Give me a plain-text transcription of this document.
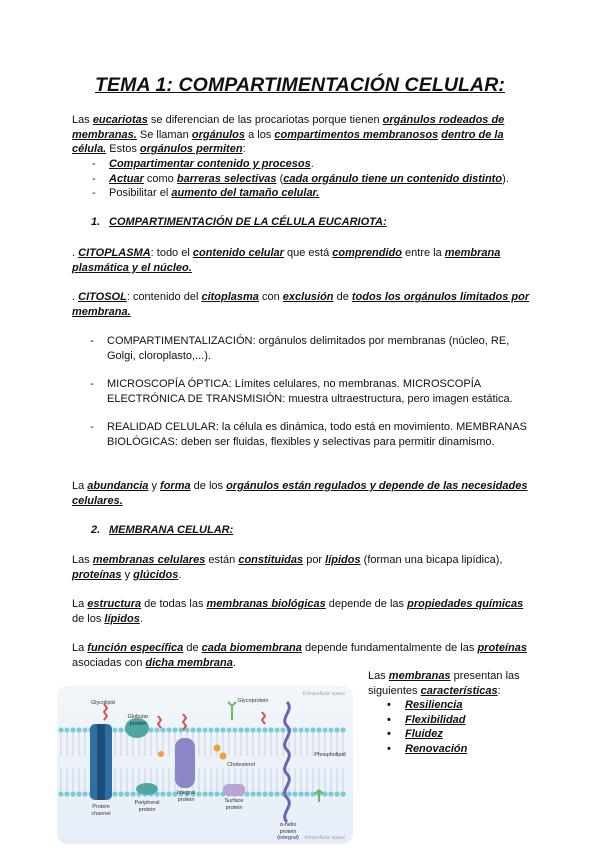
TEMA 1: COMPARTIMENTACIÓN CELULAR:
Las eucariotas se diferencian de las procariotas porque tienen orgánulos rodeados de membranas. Se llaman orgánulos a los compartimentos membranosos dentro de la célula. Estos orgánulos permiten:
- Compartimentar contenido y procesos.
- Actuar como barreras selectivas (cada orgánulo tiene un contenido distinto).
- Posibilitar el aumento del tamaño celular.
1. COMPARTIMENTACIÓN DE LA CÉLULA EUCARIOTA:
. CITOPLASMA: todo el contenido celular que está comprendido entre la membrana plasmática y el núcleo.
. CITOSOL: contenido del citoplasma con exclusión de todos los orgánulos limitados por membrana.
- COMPARTIMENTALIZACIÓN: orgánulos delimitados por membranas (núcleo, RE, Golgi, cloroplasto,...).
- MICROSCOPÍA ÓPTICA: Límites celulares, no membranas. MICROSCOPÍA ELECTRÓNICA DE TRANSMISIÓN: muestra ultraestructura, pero imagen estática.
- REALIDAD CELULAR: la célula es dinámica, todo está en movimiento. MEMBRANAS BIOLÓGICAS: deben ser fluidas, flexibles y selectivas para permitir dinamismo.
La abundancia y forma de los orgánulos están regulados y depende de las necesidades celulares.
2. MEMBRANA CELULAR:
Las membranas celulares están constituidas por lípidos (forman una bicapa lipídica), proteínas y glúcidos.
La estructura de todas las membranas biológicas depende de las propiedades químicas de los lípidos.
La función específica de cada biomembrana depende fundamentalmente de las proteínas asociadas con dicha membrana.
Las membranas presentan las siguientes características:
• Resiliencia
• Flexibilidad
• Fluidez
• Renovación
Extracellular space
Intracellular space
Glycolipid
Globular protein
Glycoprotein
Cholesterol
Phospholipid
Protein channel
Peripheral protein
Integral protein	Surface protein
α-helix protein (integral)
